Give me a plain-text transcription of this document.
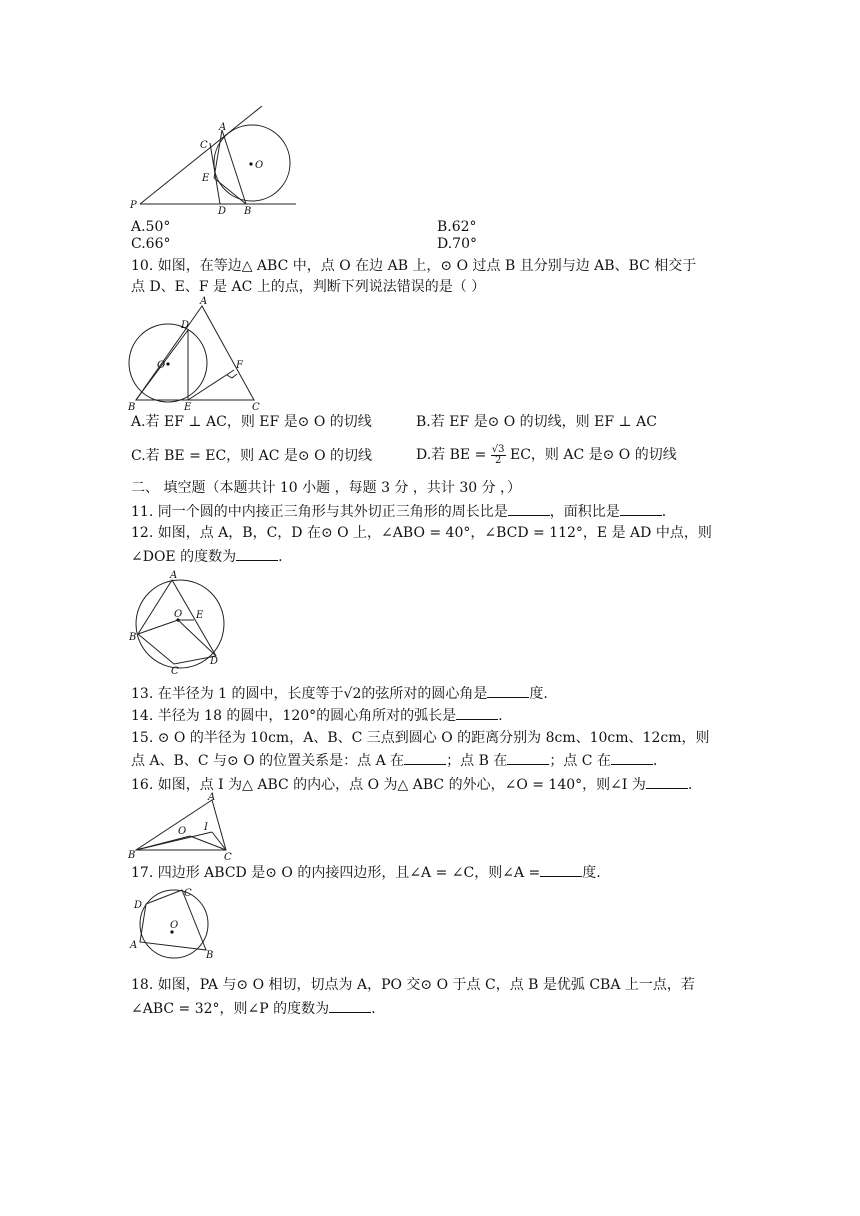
A
C
O
E
P
D B
A.50°	B.62°
C.66°	D.70°
10. 如图，在等边△ ABC 中，点 O 在边 AB 上，⊙ O 过点 B 且分别与边 AB、BC 相交于
点 D、E、F 是 AC 上的点，判断下列说法错误的是（ ）
A
D
O	F
B	E	C
A.若 EF ⊥ AC，则 EF 是⊙ O 的切线	B.若 EF 是⊙ O 的切线，则 EF ⊥ AC
C.若 BE = EC，则 AC 是⊙ O 的切线	D.若 BE = $\frac{√3}{2}$ EC，则 AC 是⊙ O 的切线
二、 填空题（本题共计 10 小题 ，每题 3 分 ，共计 30 分 ，）
11. 同一个圆的中内接正三角形与其外切正三角形的周长比是	，面积比是	.
12. 如图，点 A，B，C，D 在⊙ O 上，∠ABO = 40°，∠BCD = 112°，E 是 AD 中点，则
∠DOE 的度数为	.
A
O E
B
C
D
13. 在半径为 1 的圆中，长度等于√2的弦所对的圆心角是	度.
14. 半径为 18 的圆中，120°的圆心角所对的弧长是	.
15. ⊙ O 的半径为 10cm，A、B、C 三点到圆心 O 的距离分别为 8cm、10cm、12cm，则
点 A、B、C 与⊙ O 的位置关系是：点 A 在	；点 B 在	；点 C 在	.
16. 如图，点 I 为△ ABC 的内心，点 O 为△ ABC 的外心，∠O = 140°，则∠I 为	.
A
O I
B	C
17. 四边形 ABCD 是⊙ O 的内接四边形，且∠A = ∠C，则∠A =	度.
C
D
O
A
B
18. 如图，PA 与⊙ O 相切，切点为 A，PO 交⊙ O 于点 C，点 B 是优弧 CBA 上一点，若
∠ABC = 32°，则∠P 的度数为	.
